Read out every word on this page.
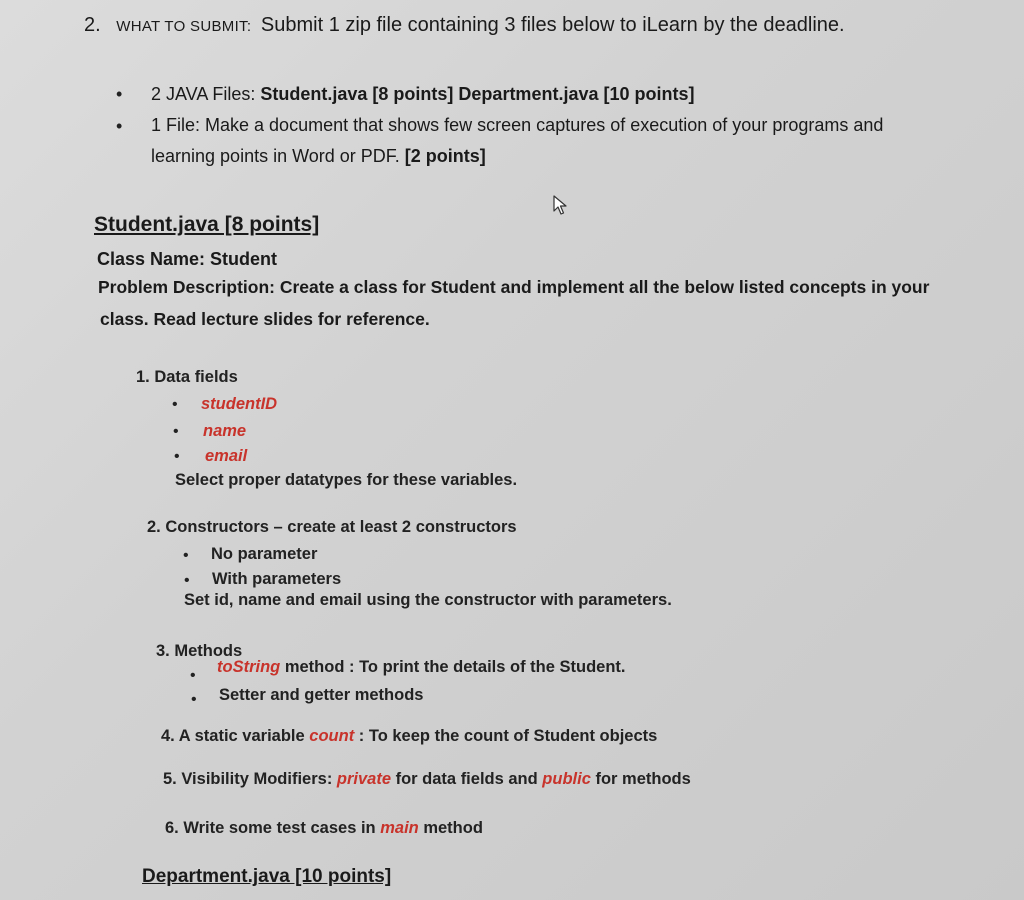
2. WHAT TO SUBMIT: Submit 1 zip file containing 3 files below to iLearn by the deadline.
• 2 JAVA Files: Student.java [8 points] Department.java [10 points]
• 1 File: Make a document that shows few screen captures of execution of your programs and
learning points in Word or PDF. [2 points]
Student.java [8 points]
Class Name: Student
Problem Description: Create a class for Student and implement all the below listed concepts in your
class. Read lecture slides for reference.
1. Data fields
• studentID
• name
• email
Select proper datatypes for these variables.
2. Constructors – create at least 2 constructors
• No parameter
• With parameters
Set id, name and email using the constructor with parameters.
3. Methods
• toString method : To print the details of the Student.
• Setter and getter methods
4. A static variable count : To keep the count of Student objects
5. Visibility Modifiers: private for data fields and public for methods
6. Write some test cases in main method
Department.java [10 points]
